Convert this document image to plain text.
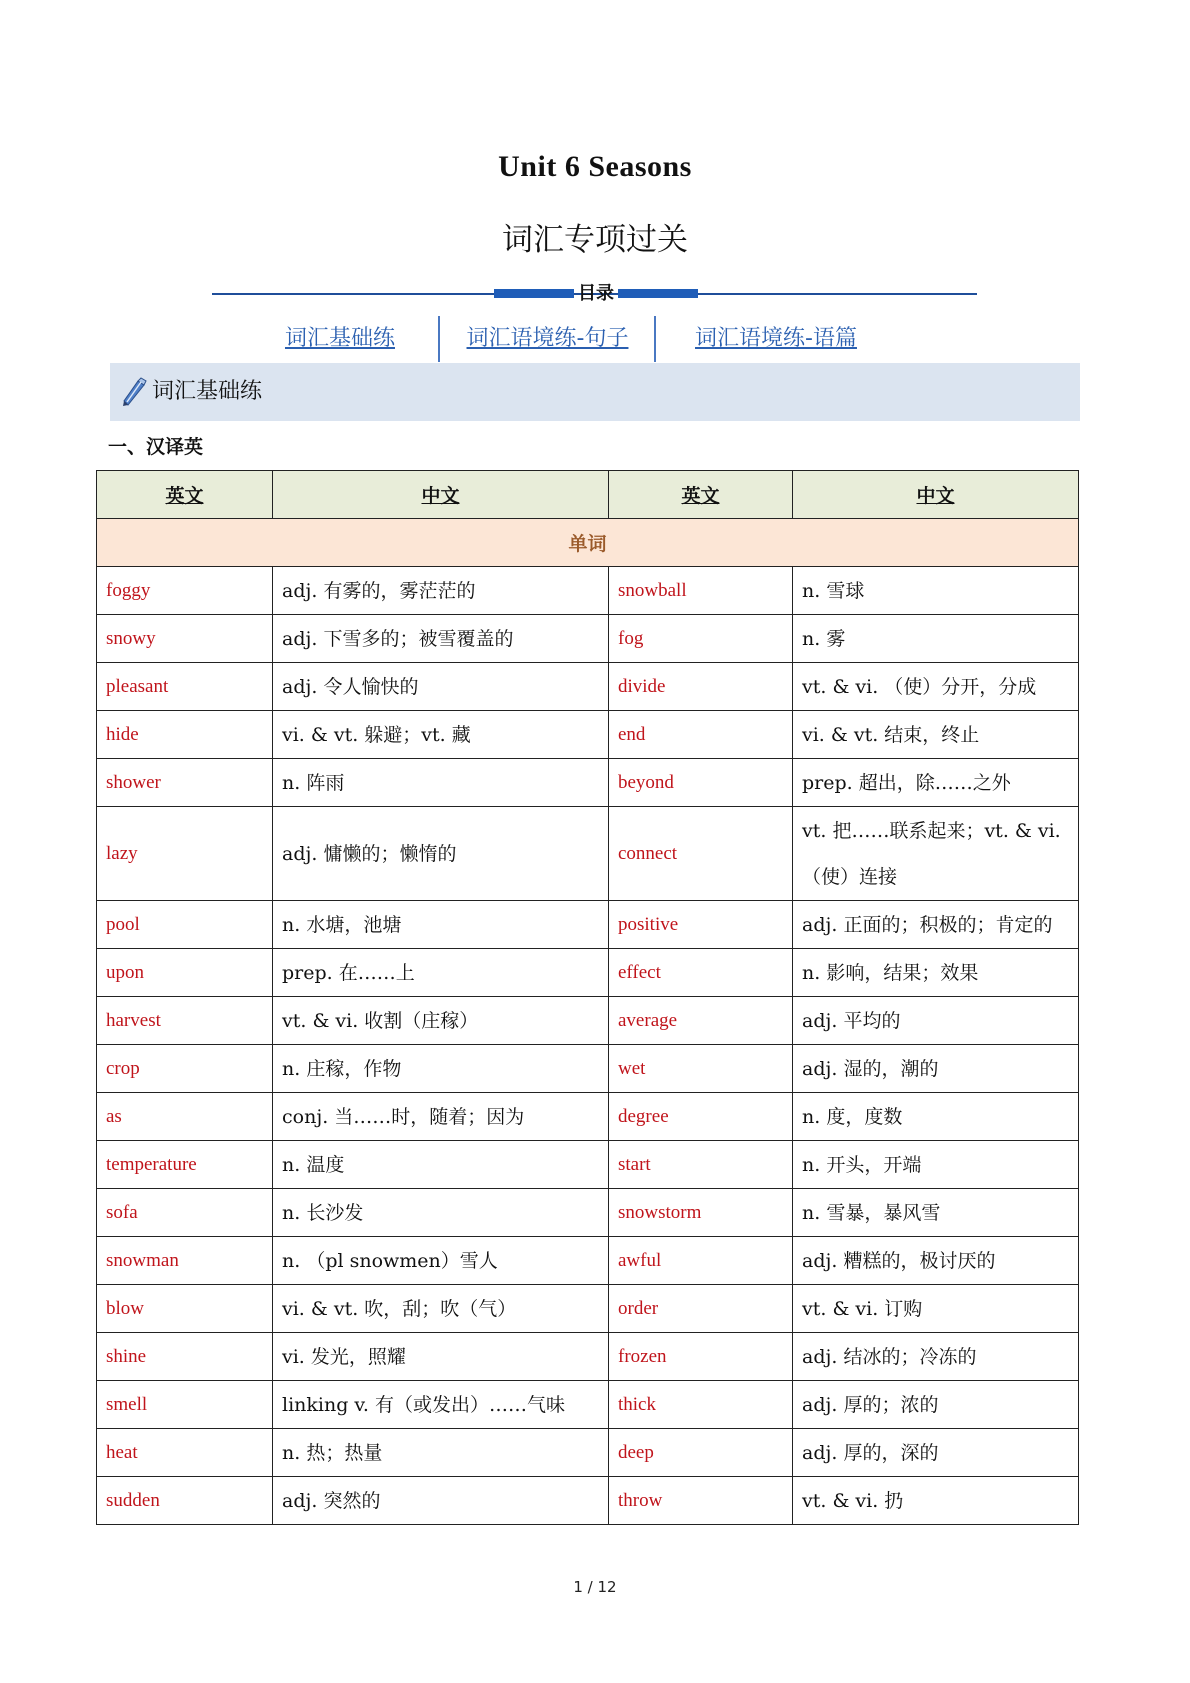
Unit 6 Seasons
词汇专项过关
目录
词汇基础练	词汇语境练-句子	词汇语境练-语篇
词汇基础练
一、汉译英
英文	中文	英文	中文
单词			
foggy	adj. 有雾的，雾茫茫的	snowball	n. 雪球
snowy	adj. 下雪多的；被雪覆盖的	fog	n. 雾
pleasant	adj. 令人愉快的	divide	vt. & vi. （使）分开，分成
hide	vi. & vt. 躲避；vt. 藏	end	vi. & vt. 结束，终止
shower	n. 阵雨	beyond	prep. 超出，除……之外
lazy	adj. 慵懒的；懒惰的	connect	vt. 把……联系起来；vt. & vi. （使）连接
pool	n. 水塘，池塘	positive	adj. 正面的；积极的；肯定的
upon	prep. 在……上	effect	n. 影响，结果；效果
harvest	vt. & vi. 收割（庄稼）	average	adj. 平均的
crop	n. 庄稼，作物	wet	adj. 湿的，潮的
as	conj. 当……时，随着；因为	degree	n. 度，度数
temperature	n. 温度	start	n. 开头，开端
sofa	n. 长沙发	snowstorm	n. 雪暴，暴风雪
snowman	n. （pl snowmen）雪人	awful	adj. 糟糕的，极讨厌的
blow	vi. & vt. 吹，刮；吹（气）	order	vt. & vi. 订购
shine	vi. 发光，照耀	frozen	adj. 结冰的；冷冻的
smell	linking v. 有（或发出）……气味	thick	adj. 厚的；浓的
heat	n. 热；热量	deep	adj. 厚的，深的
sudden	adj. 突然的	throw	vt. & vi. 扔
1 / 12
